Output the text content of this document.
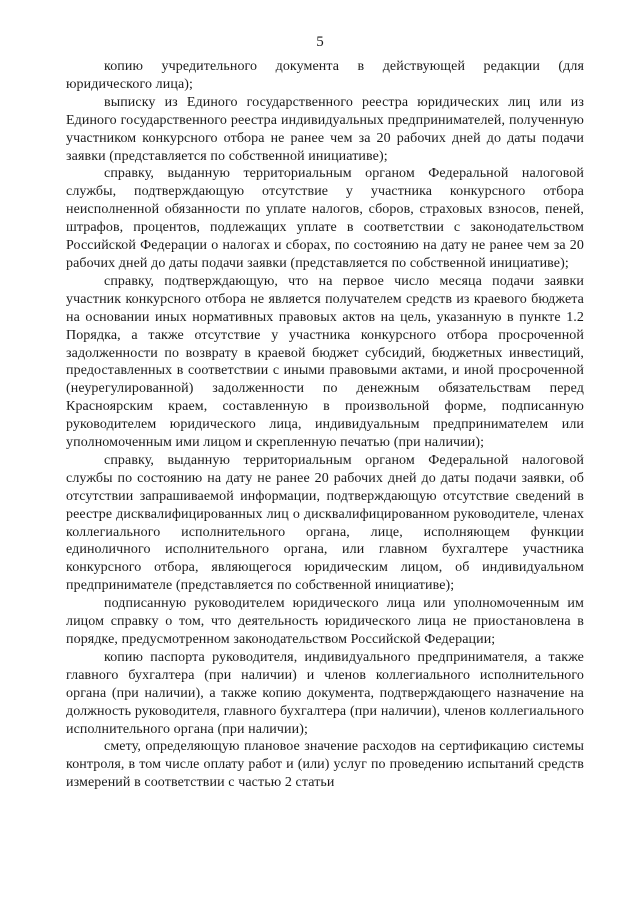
5

копию учредительного документа в действующей редакции (для юридического лица);

выписку из Единого государственного реестра юридических лиц или из Единого государственного реестра индивидуальных предпринимателей, полученную участником конкурсного отбора не ранее чем за 20 рабочих дней до даты подачи заявки (представляется по собственной инициативе);

справку, выданную территориальным органом Федеральной налоговой службы, подтверждающую отсутствие у участника конкурсного отбора неисполненной обязанности по уплате налогов, сборов, страховых взносов, пеней, штрафов, процентов, подлежащих уплате в соответствии с законодательством Российской Федерации о налогах и сборах, по состоянию на дату не ранее чем за 20 рабочих дней до даты подачи заявки (представляется по собственной инициативе);

справку, подтверждающую, что на первое число месяца подачи заявки участник конкурсного отбора не является получателем средств из краевого бюджета на основании иных нормативных правовых актов на цель, указанную в пункте 1.2 Порядка, а также отсутствие у участника конкурсного отбора просроченной задолженности по возврату в краевой бюджет субсидий, бюджетных инвестиций, предоставленных в соответствии с иными правовыми актами, и иной просроченной (неурегулированной) задолженности по денежным обязательствам перед Красноярским краем, составленную в произвольной форме, подписанную руководителем юридического лица, индивидуальным предпринимателем или уполномоченным ими лицом и скрепленную печатью (при наличии);

справку, выданную территориальным органом Федеральной налоговой службы по состоянию на дату не ранее 20 рабочих дней до даты подачи заявки, об отсутствии запрашиваемой информации, подтверждающую отсутствие сведений в реестре дисквалифицированных лиц о дисквалифицированном руководителе, членах коллегиального исполнительного органа, лице, исполняющем функции единоличного исполнительного органа, или главном бухгалтере участника конкурсного отбора, являющегося юридическим лицом, об индивидуальном предпринимателе (представляется по собственной инициативе);

подписанную руководителем юридического лица или уполномоченным им лицом справку о том, что деятельность юридического лица не приостановлена в порядке, предусмотренном законодательством Российской Федерации;

копию паспорта руководителя, индивидуального предпринимателя, а также главного бухгалтера (при наличии) и членов коллегиального исполнительного органа (при наличии), а также копию документа, подтверждающего назначение на должность руководителя, главного бухгалтера (при наличии), членов коллегиального исполнительного органа (при наличии);

смету, определяющую плановое значение расходов на сертификацию системы контроля, в том числе оплату работ и (или) услуг по проведению испытаний средств измерений в соответствии с частью 2 статьи
